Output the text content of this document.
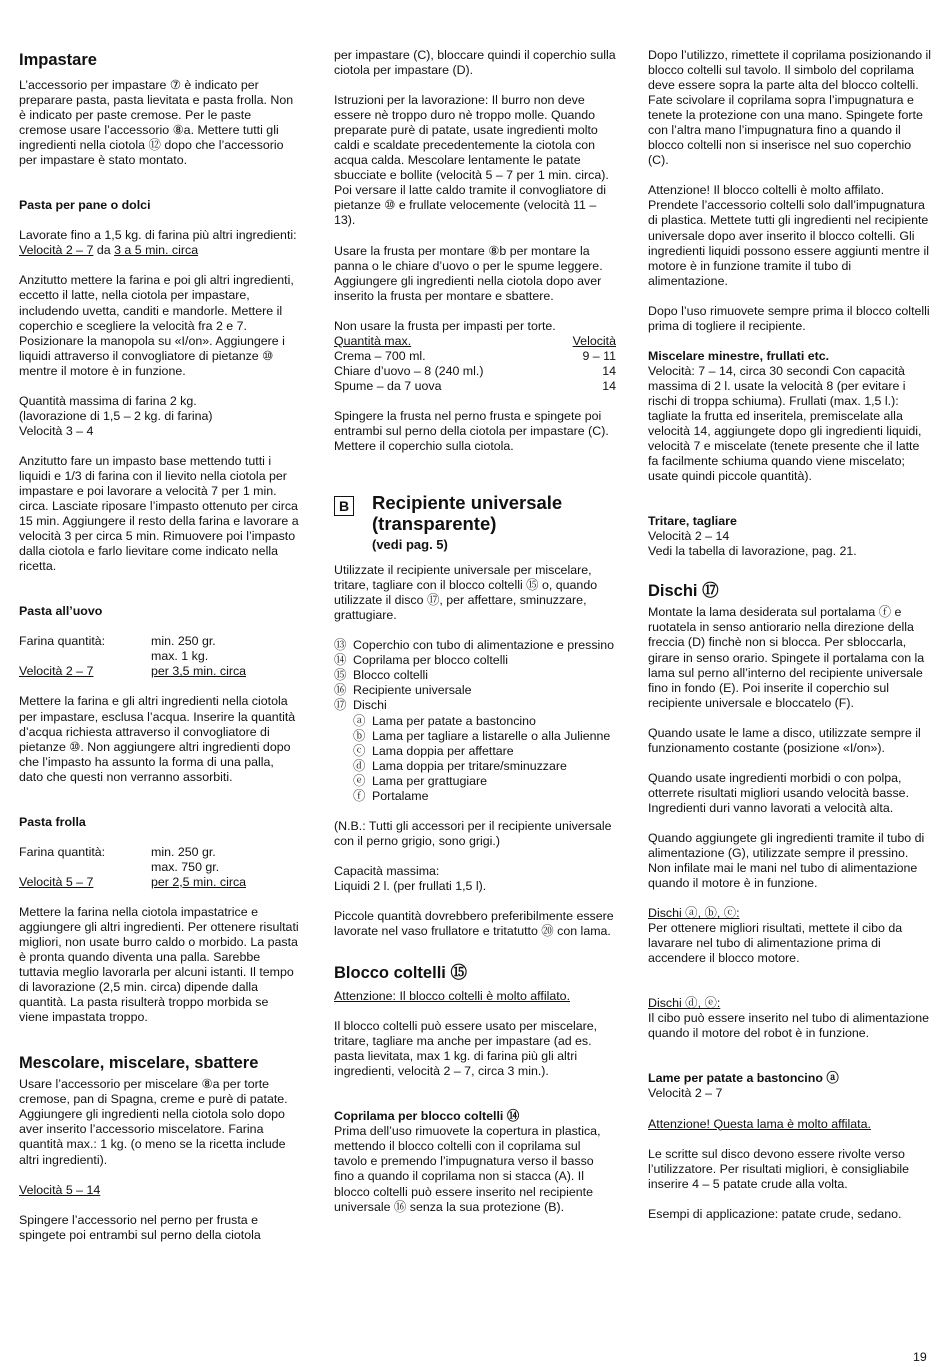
Impastare

L’accessorio per impastare ⑦ è indicato per preparare pasta, pasta lievitata e pasta frolla. Non è indicato per paste cremose. Per le paste cremose usare l’accessorio ⑧a. Mettere tutti gli ingredienti nella ciotola ⑫ dopo che l’accessorio per impastare è stato montato.

Pasta per pane o dolci

Lavorate fino a 1,5 kg. di farina più altri ingredienti:

Velocità 2 – 7 da 3 a 5 min. circa

Anzitutto mettere la farina e poi gli altri ingredienti, eccetto il latte, nella ciotola per impastare, includendo uvetta, canditi e mandorle. Mettere il coperchio e scegliere la velocità fra 2 e 7. Posizionare la manopola su «I/on». Aggiungere i liquidi attraverso il convogliatore di pietanze ⑩ mentre il motore è in funzione.

Quantità massima di farina 2 kg.

(lavorazione di 1,5 – 2 kg. di farina)

Velocità 3 – 4

Anzitutto fare un impasto base mettendo tutti i liquidi e 1/3 di farina con il lievito nella ciotola per impastare e poi lavorare a velocità 7 per 1 min. circa. Lasciate riposare l’impasto ottenuto per circa 15 min. Aggiungere il resto della farina e lavorare a velocità 3 per circa 5 min. Rimuovere poi l’impasto dalla ciotola e farlo lievitare come indicato nella ricetta.

Pasta all’uovo
Farina quantità:	min. 250 gr.
max. 1 kg.
Velocità 2 – 7	per 3,5 min. circa

Mettere la farina e gli altri ingredienti nella ciotola per impastare, esclusa l’acqua. Inserire la quantità d’acqua richiesta attraverso il convogliatore di pietanze ⑩. Non aggiungere altri ingredienti dopo che l’impasto ha assunto la forma di una palla, dato che questi non verranno assorbiti.

Pasta frolla
Farina quantità:	min. 250 gr.
max. 750 gr.
Velocità 5 – 7	per 2,5 min. circa

Mettere la farina nella ciotola impastatrice e aggiungere gli altri ingredienti. Per ottenere risultati migliori, non usate burro caldo o morbido. La pasta è pronta quando diventa una palla. Sarebbe tuttavia meglio lavorarla per alcuni istanti. Il tempo di lavorazione (2,5 min. circa) dipende dalla quantità. La pasta risulterà troppo morbida se viene impastata troppo.

Mescolare, miscelare, sbattere

Usare l’accessorio per miscelare ⑧a per torte cremose, pan di Spagna, creme e purè di patate. Aggiungere gli ingredienti nella ciotola solo dopo aver inserito l’accessorio miscelatore. Farina quantità max.: 1 kg. (o meno se la ricetta include altri ingredienti).

Velocità 5 – 14

Spingere l’accessorio nel perno per frusta e spingete poi entrambi sul perno della ciotola

per impastare (C), bloccare quindi il coperchio sulla ciotola per impastare (D).

Istruzioni per la lavorazione: Il burro non deve essere nè troppo duro nè troppo molle. Quando preparate purè di patate, usate ingredienti molto caldi e scaldate precedentemente la ciotola con acqua calda. Mescolare lentamente le patate sbucciate e bollite (velocità 5 – 7 per 1 min. circa). Poi versare il latte caldo tramite il convogliatore di pietanze ⑩ e frullate velocemente (velocità 11 – 13).

Usare la frusta per montare ⑧b per montare la panna o le chiare d’uovo o per le spume leggere. Aggiungere gli ingredienti nella ciotola dopo aver inserito la frusta per montare e sbattere.

Non usare la frusta per impasti per torte.

Quantità max.	Velocità
Crema – 700 ml.	9 – 11
Chiare d’uovo – 8 (240 ml.)	14
Spume – da 7 uova	14

Spingere la frusta nel perno frusta e spingete poi entrambi sul perno della ciotola per impastare (C). Mettere il coperchio sulla ciotola.

B Recipiente universale
(transparente)
(vedi pag. 5)

Utilizzate il recipiente universale per miscelare, tritare, tagliare con il blocco coltelli ⑮ o, quando utilizzate il disco ⑰, per affettare, sminuzzare, grattugiare.

⑬ Coperchio con tubo di alimentazione e pressino
⑭ Coprilama per blocco coltelli
⑮ Blocco coltelli
⑯ Recipiente universale
⑰ Dischi
ⓐ Lama per patate a bastoncino
ⓑ Lama per tagliare a listarelle o alla Julienne
ⓒ Lama doppia per affettare
ⓓ Lama doppia per tritare/sminuzzare
ⓔ Lama per grattugiare
ⓕ Portalame

(N.B.: Tutti gli accessori per il recipiente universale con il perno grigio, sono grigi.)

Capacità massima:

Liquidi 2 l. (per frullati 1,5 l).

Piccole quantità dovrebbero preferibilmente essere lavorate nel vaso frullatore e tritatutto ⑳ con lama.

Blocco coltelli ⑮

Attenzione: Il blocco coltelli è molto affilato.

Il blocco coltelli può essere usato per miscelare, tritare, tagliare ma anche per impastare (ad es. pasta lievitata, max 1 kg. di farina più gli altri ingredienti, velocità 2 – 7, circa 3 min.).

Coprilama per blocco coltelli ⑭

Prima dell’uso rimuovete la copertura in plastica, mettendo il blocco coltelli con il coprilama sul tavolo e premendo l’impugnatura verso il basso fino a quando il coprilama non si stacca (A). Il blocco coltelli può essere inserito nel recipiente universale ⑯ senza la sua protezione (B).

Dopo l’utilizzo, rimettete il coprilama posizionando il blocco coltelli sul tavolo. Il simbolo del coprilama deve essere sopra la parte alta del blocco coltelli. Fate scivolare il coprilama sopra l’impugnatura e tenete la protezione con una mano. Spingete forte con l’altra mano l’impugnatura fino a quando il blocco coltelli non si inserisce nel suo coperchio (C).

Attenzione! Il blocco coltelli è molto affilato. Prendete l’accessorio coltelli solo dall’impugnatura di plastica. Mettete tutti gli ingredienti nel recipiente universale dopo aver inserito il blocco coltelli. Gli ingredienti liquidi possono essere aggiunti mentre il motore è in funzione tramite il tubo di alimentazione.

Dopo l’uso rimuovete sempre prima il blocco coltelli prima di togliere il recipiente.

Miscelare minestre, frullati etc.

Velocità: 7 – 14, circa 30 secondi Con capacità massima di 2 l. usate la velocità 8 (per evitare i rischi di troppa schiuma). Frullati (max. 1,5 l.): tagliate la frutta ed inseritela, premiscelate alla velocità 14, aggiungete dopo gli ingredienti liquidi, velocità 7 e miscelate (tenete presente che il latte fa facilmente schiuma quando viene miscelato; usate quindi piccole quantità).

Tritare, tagliare

Velocità 2 – 14

Vedi la tabella di lavorazione, pag. 21.

Dischi ⑰

Montate la lama desiderata sul portalama ⓕ e ruotatela in senso antiorario nella direzione della freccia (D) finchè non si blocca. Per sbloccarla, girare in senso orario. Spingete il portalama con la lama sul perno all’interno del recipiente universale fino in fondo (E). Poi inserite il coperchio sul recipiente universale e bloccatelo (F).

Quando usate le lame a disco, utilizzate sempre il funzionamento costante (posizione «I/on»).

Quando usate ingredienti morbidi o con polpa, otterrete risultati migliori usando velocità basse. Ingredienti duri vanno lavorati a velocità alta.

Quando aggiungete gli ingredienti tramite il tubo di alimentazione (G), utilizzate sempre il pressino. Non infilate mai le mani nel tubo di alimentazione quando il motore è in funzione.

Dischi ⓐ, ⓑ, ⓒ:

Per ottenere migliori risultati, mettete il cibo da lavarare nel tubo di alimentazione prima di accendere il blocco motore.

Dischi ⓓ, ⓔ:

Il cibo può essere inserito nel tubo di alimentazione quando il motore del robot è in funzione.

Lame per patate a bastoncino ⓐ

Velocità 2 – 7

Attenzione! Questa lama è molto affilata.

Le scritte sul disco devono essere rivolte verso l’utilizzatore. Per risultati migliori, è consigliabile inserire 4 – 5 patate crude alla volta.

Esempi di applicazione: patate crude, sedano.

19
